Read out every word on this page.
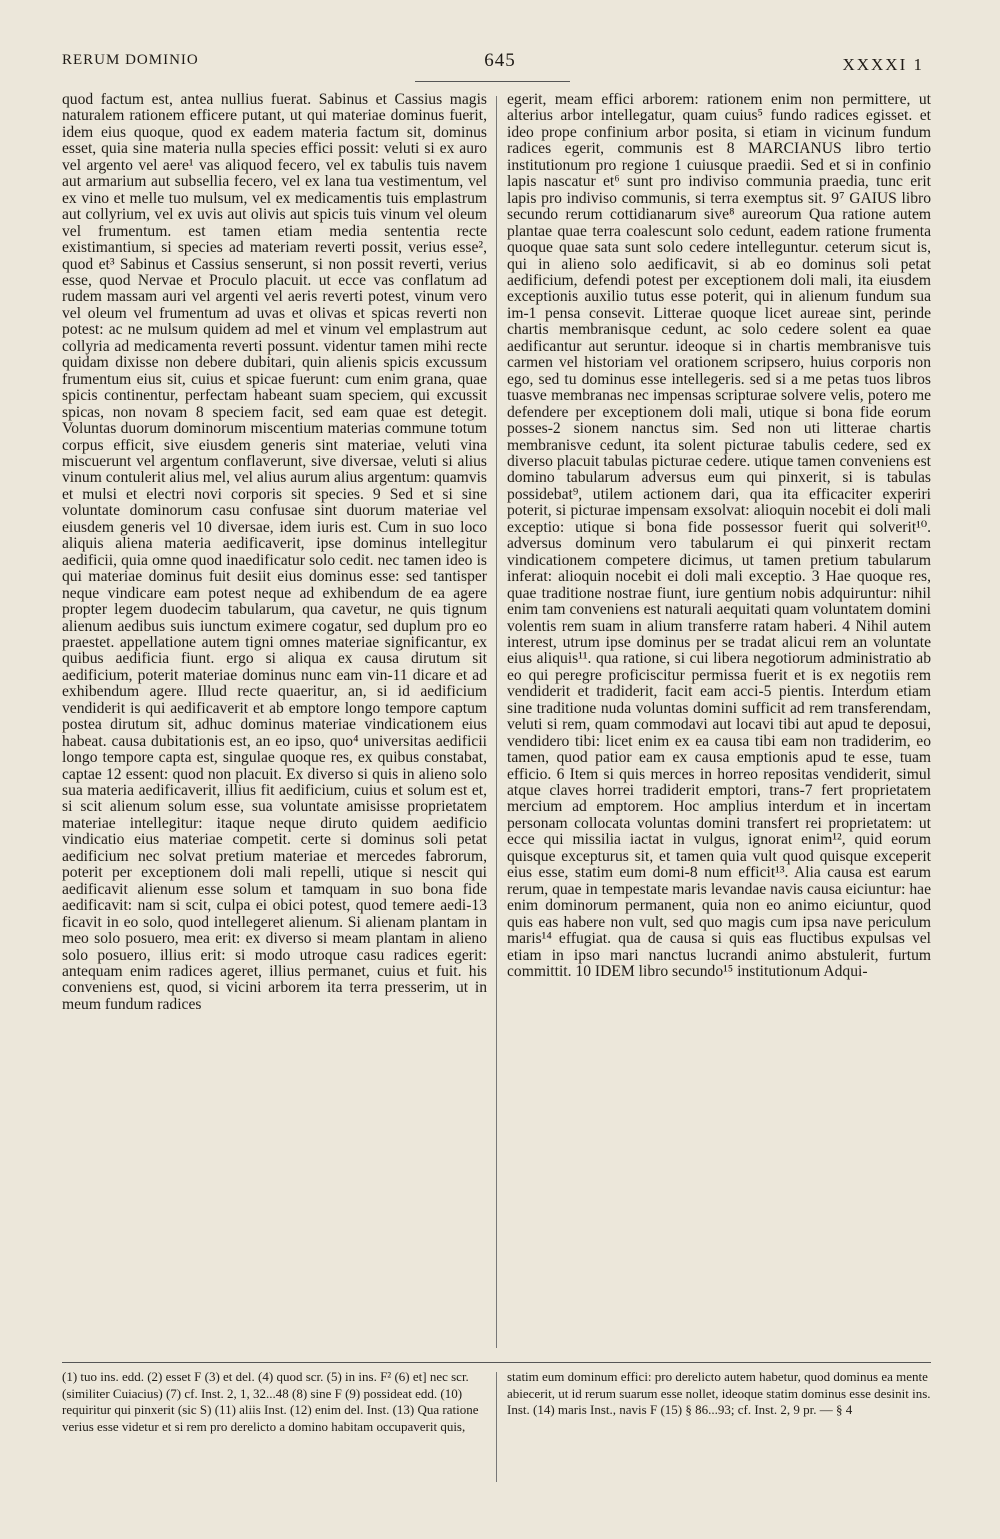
RERUM DOMINIO	645	XXXXI 1

quod factum est, antea nullius fuerat. Sabinus et Cassius magis naturalem rationem efficere putant, ut qui materiae dominus fuerit, idem eius quoque, quod ex eadem materia factum sit, dominus esset, quia sine materia nulla species effici possit: veluti si ex auro vel argento vel aere¹ vas aliquod fecero, vel ex tabulis tuis navem aut armarium aut subsellia fecero, vel ex lana tua vestimentum, vel ex vino et melle tuo mulsum, vel ex medicamentis tuis emplastrum aut collyrium, vel ex uvis aut olivis aut spicis tuis vinum vel oleum vel frumentum. est tamen etiam media sententia recte existimantium, si species ad materiam reverti possit, verius esse², quod et³ Sabinus et Cassius senserunt, si non possit reverti, verius esse, quod Nervae et Proculo placuit. ut ecce vas conflatum ad rudem massam auri vel argenti vel aeris reverti potest, vinum vero vel oleum vel frumentum ad uvas et olivas et spicas reverti non potest: ac ne mulsum quidem ad mel et vinum vel emplastrum aut collyria ad medicamenta reverti possunt. videntur tamen mihi recte quidam dixisse non debere dubitari, quin alienis spicis excussum frumentum eius sit, cuius et spicae fuerunt: cum enim grana, quae spicis continentur, perfectam habeant suam speciem, qui excussit spicas, non novam 8 speciem facit, sed eam quae est detegit. Voluntas duorum dominorum miscentium materias commune totum corpus efficit, sive eiusdem generis sint materiae, veluti vina miscuerunt vel argentum conflaverunt, sive diversae, veluti si alius vinum contulerit alius mel, vel alius aurum alius argentum: quamvis et mulsi et electri novi corporis sit species. 9 Sed et si sine voluntate dominorum casu confusae sint duorum materiae vel eiusdem generis vel 10 diversae, idem iuris est. Cum in suo loco aliquis aliena materia aedificaverit, ipse dominus intellegitur aedificii, quia omne quod inaedificatur solo cedit. nec tamen ideo is qui materiae dominus fuit desiit eius dominus esse: sed tantisper neque vindicare eam potest neque ad exhibendum de ea agere propter legem duodecim tabularum, qua cavetur, ne quis tignum alienum aedibus suis iunctum eximere cogatur, sed duplum pro eo praestet. appellatione autem tigni omnes materiae significantur, ex quibus aedificia fiunt. ergo si aliqua ex causa dirutum sit aedificium, poterit materiae dominus nunc eam vin-11 dicare et ad exhibendum agere. Illud recte quaeritur, an, si id aedificium vendiderit is qui aedificaverit et ab emptore longo tempore captum postea dirutum sit, adhuc dominus materiae vindicationem eius habeat. causa dubitationis est, an eo ipso, quo⁴ universitas aedificii longo tempore capta est, singulae quoque res, ex quibus constabat, captae 12 essent: quod non placuit. Ex diverso si quis in alieno solo sua materia aedificaverit, illius fit aedificium, cuius et solum est et, si scit alienum solum esse, sua voluntate amisisse proprietatem materiae intellegitur: itaque neque diruto quidem aedificio vindicatio eius materiae competit. certe si dominus soli petat aedificium nec solvat pretium materiae et mercedes fabrorum, poterit per exceptionem doli mali repelli, utique si nescit qui aedificavit alienum esse solum et tamquam in suo bona fide aedificavit: nam si scit, culpa ei obici potest, quod temere aedi-13 ficavit in eo solo, quod intellegeret alienum. Si alienam plantam in meo solo posuero, mea erit: ex diverso si meam plantam in alieno solo posuero, illius erit: si modo utroque casu radices egerit: antequam enim radices ageret, illius permanet, cuius et fuit. his conveniens est, quod, si vicini arborem ita terra presserim, ut in meum fundum radices

egerit, meam effici arborem: rationem enim non permittere, ut alterius arbor intellegatur, quam cuius⁵ fundo radices egisset. et ideo prope confinium arbor posita, si etiam in vicinum fundum radices egerit, communis est 8 MARCIANUS libro tertio institutionum pro regione 1 cuiusque praedii. Sed et si in confinio lapis nascatur et⁶ sunt pro indiviso communia praedia, tunc erit lapis pro indiviso communis, si terra exemptus sit. 9⁷ GAIUS libro secundo rerum cottidianarum sive⁸ aureorum Qua ratione autem plantae quae terra coalescunt solo cedunt, eadem ratione frumenta quoque quae sata sunt solo cedere intelleguntur. ceterum sicut is, qui in alieno solo aedificavit, si ab eo dominus soli petat aedificium, defendi potest per exceptionem doli mali, ita eiusdem exceptionis auxilio tutus esse poterit, qui in alienum fundum sua im-1 pensa consevit. Litterae quoque licet aureae sint, perinde chartis membranisque cedunt, ac solo cedere solent ea quae aedificantur aut seruntur. ideoque si in chartis membranisve tuis carmen vel historiam vel orationem scripsero, huius corporis non ego, sed tu dominus esse intellegeris. sed si a me petas tuos libros tuasve membranas nec impensas scripturae solvere velis, potero me defendere per exceptionem doli mali, utique si bona fide eorum posses-2 sionem nanctus sim. Sed non uti litterae chartis membranisve cedunt, ita solent picturae tabulis cedere, sed ex diverso placuit tabulas picturae cedere. utique tamen conveniens est domino tabularum adversus eum qui pinxerit, si is tabulas possidebat⁹, utilem actionem dari, qua ita efficaciter experiri poterit, si picturae impensam exsolvat: alioquin nocebit ei doli mali exceptio: utique si bona fide possessor fuerit qui solverit¹⁰. adversus dominum vero tabularum ei qui pinxerit rectam vindicationem competere dicimus, ut tamen pretium tabularum inferat: alioquin nocebit ei doli mali exceptio. 3 Hae quoque res, quae traditione nostrae fiunt, iure gentium nobis adquiruntur: nihil enim tam conveniens est naturali aequitati quam voluntatem domini volentis rem suam in alium transferre ratam haberi. 4 Nihil autem interest, utrum ipse dominus per se tradat alicui rem an voluntate eius aliquis¹¹. qua ratione, si cui libera negotiorum administratio ab eo qui peregre proficiscitur permissa fuerit et is ex negotiis rem vendiderit et tradiderit, facit eam acci-5 pientis. Interdum etiam sine traditione nuda voluntas domini sufficit ad rem transferendam, veluti si rem, quam commodavi aut locavi tibi aut apud te deposui, vendidero tibi: licet enim ex ea causa tibi eam non tradiderim, eo tamen, quod patior eam ex causa emptionis apud te esse, tuam efficio. 6 Item si quis merces in horreo repositas vendiderit, simul atque claves horrei tradiderit emptori, trans-7 fert proprietatem mercium ad emptorem. Hoc amplius interdum et in incertam personam collocata voluntas domini transfert rei proprietatem: ut ecce qui missilia iactat in vulgus, ignorat enim¹², quid eorum quisque excepturus sit, et tamen quia vult quod quisque exceperit eius esse, statim eum domi-8 num efficit¹³. Alia causa est earum rerum, quae in tempestate maris levandae navis causa eiciuntur: hae enim dominorum permanent, quia non eo animo eiciuntur, quod quis eas habere non vult, sed quo magis cum ipsa nave periculum maris¹⁴ effugiat. qua de causa si quis eas fluctibus expulsas vel etiam in ipso mari nanctus lucrandi animo abstulerit, furtum committit. 10 IDEM libro secundo¹⁵ institutionum Adqui-

(1) tuo ins. edd. (2) esset F (3) et del. (4) quod scr. (5) in ins. F² (6) et] nec scr. (similiter Cuiacius) (7) cf. Inst. 2, 1, 32...48 (8) sine F (9) possideat edd. (10) requiritur qui pinxerit (sic S) (11) aliis Inst. (12) enim del. Inst. (13) Qua ratione verius esse videtur et si rem pro derelicto a domino habitam occupaverit quis,

statim eum dominum effici: pro derelicto autem habetur, quod dominus ea mente abiecerit, ut id rerum suarum esse nollet, ideoque statim dominus esse desinit ins. Inst. (14) maris Inst., navis F (15) § 86...93; cf. Inst. 2, 9 pr. — § 4
